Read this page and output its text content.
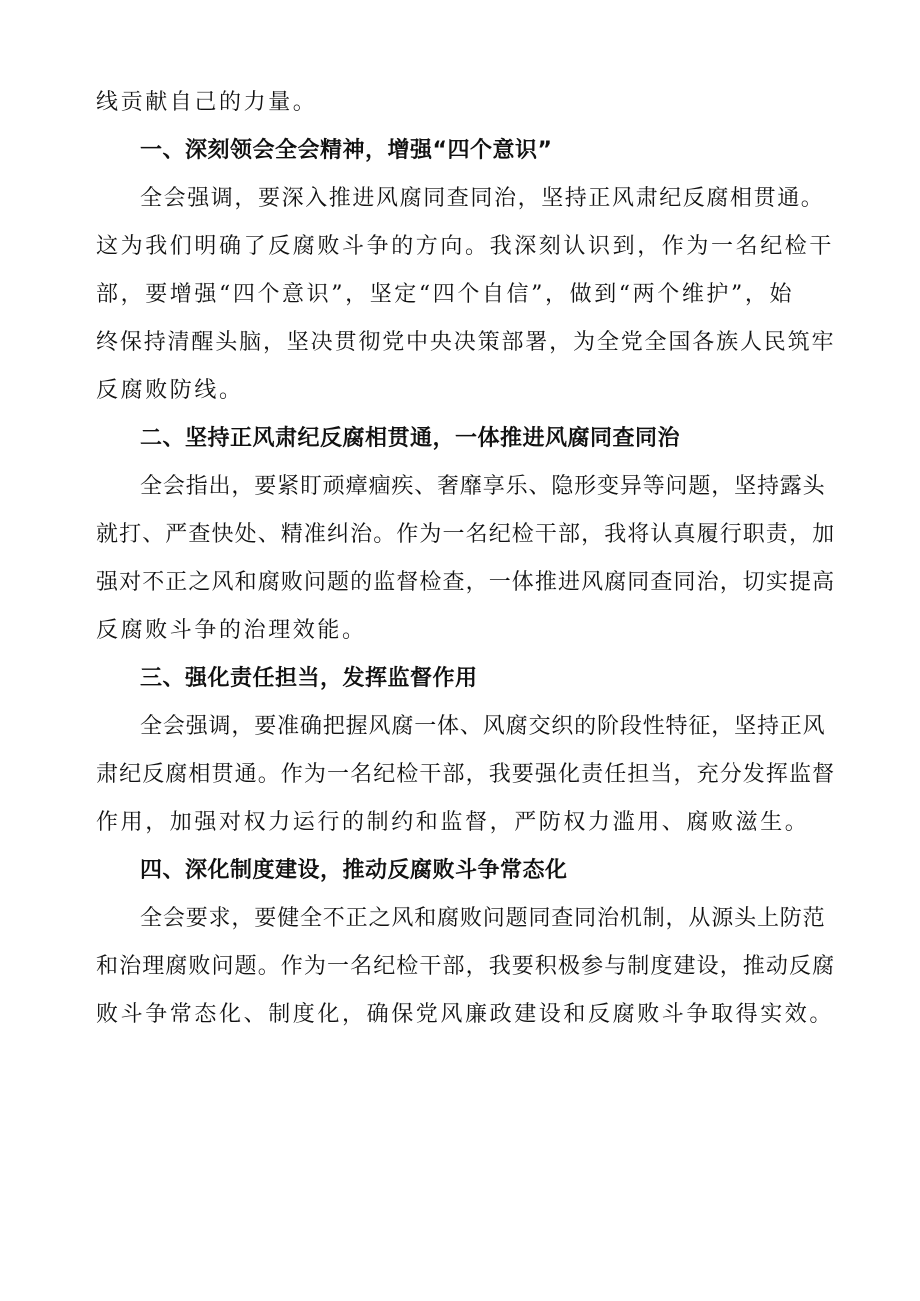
线贡献自己的力量。
一、深刻领会全会精神，增强“四个意识”
全会强调，要深入推进风腐同查同治，坚持正风肃纪反腐相贯通。
这为我们明确了反腐败斗争的方向。我深刻认识到，作为一名纪检干
部，要增强“四个意识”，坚定“四个自信”，做到“两个维护”，始
终保持清醒头脑，坚决贯彻党中央决策部署，为全党全国各族人民筑牢
反腐败防线。
二、坚持正风肃纪反腐相贯通，一体推进风腐同查同治
全会指出，要紧盯顽瘴痼疾、奢靡享乐、隐形变异等问题，坚持露头
就打、严查快处、精准纠治。作为一名纪检干部，我将认真履行职责，加
强对不正之风和腐败问题的监督检查，一体推进风腐同查同治，切实提高
反腐败斗争的治理效能。
三、强化责任担当，发挥监督作用
全会强调，要准确把握风腐一体、风腐交织的阶段性特征，坚持正风
肃纪反腐相贯通。作为一名纪检干部，我要强化责任担当，充分发挥监督
作用，加强对权力运行的制约和监督，严防权力滥用、腐败滋生。
四、深化制度建设，推动反腐败斗争常态化
全会要求，要健全不正之风和腐败问题同查同治机制，从源头上防范
和治理腐败问题。作为一名纪检干部，我要积极参与制度建设，推动反腐
败斗争常态化、制度化，确保党风廉政建设和反腐败斗争取得实效。
